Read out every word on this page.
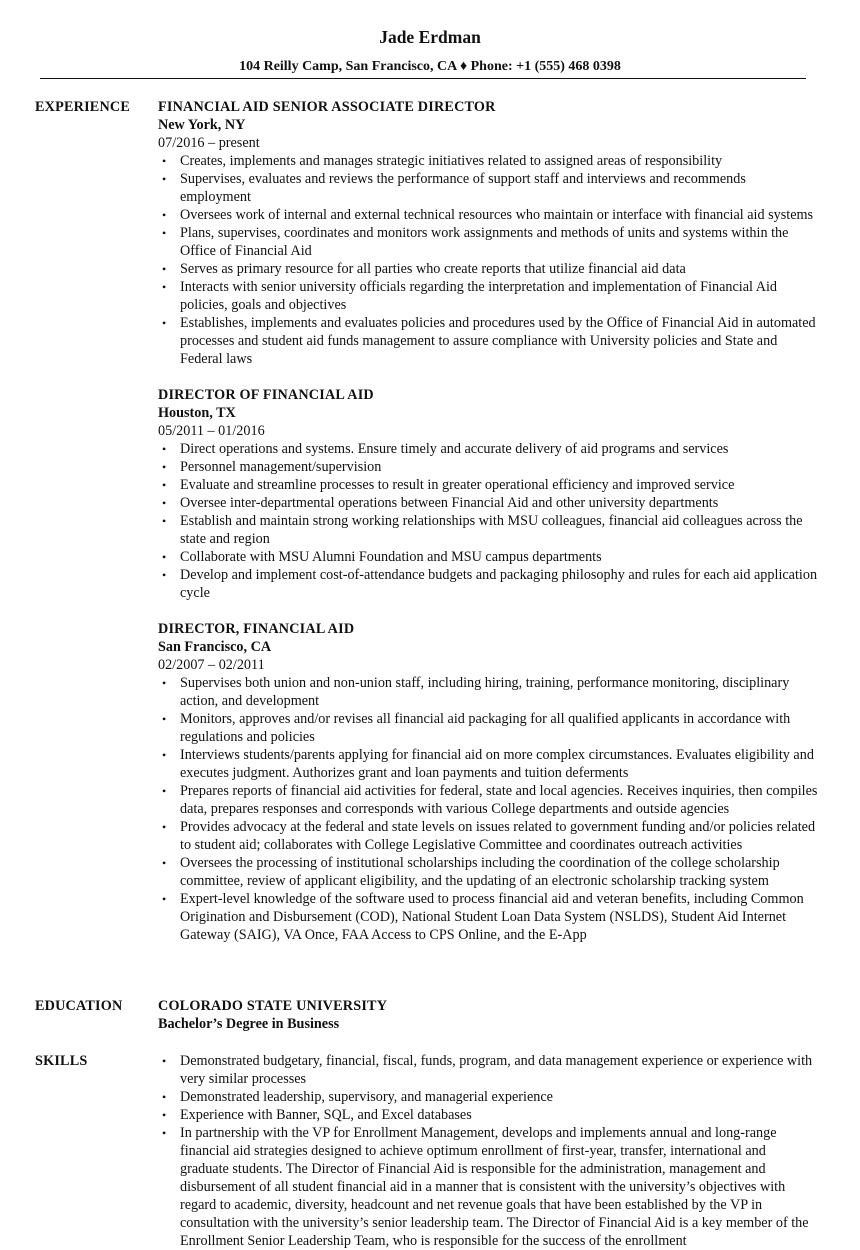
Jade Erdman
104 Reilly Camp, San Francisco, CA ♦ Phone: +1 (555) 468 0398
EXPERIENCE FINANCIAL AID SENIOR ASSOCIATE DIRECTOR
New York, NY
07/2016 – present
• Creates, implements and manages strategic initiatives related to assigned areas of responsibility
• Supervises, evaluates and reviews the performance of support staff and interviews and recommends employment
• Oversees work of internal and external technical resources who maintain or interface with financial aid systems
• Plans, supervises, coordinates and monitors work assignments and methods of units and systems within the Office of Financial Aid
• Serves as primary resource for all parties who create reports that utilize financial aid data
• Interacts with senior university officials regarding the interpretation and implementation of Financial Aid policies, goals and objectives
• Establishes, implements and evaluates policies and procedures used by the Office of Financial Aid in automated processes and student aid funds management to assure compliance with University policies and State and Federal laws
DIRECTOR OF FINANCIAL AID
Houston, TX
05/2011 – 01/2016
• Direct operations and systems. Ensure timely and accurate delivery of aid programs and services
• Personnel management/supervision
• Evaluate and streamline processes to result in greater operational efficiency and improved service
• Oversee inter-departmental operations between Financial Aid and other university departments
• Establish and maintain strong working relationships with MSU colleagues, financial aid colleagues across the state and region
• Collaborate with MSU Alumni Foundation and MSU campus departments
• Develop and implement cost-of-attendance budgets and packaging philosophy and rules for each aid application cycle
DIRECTOR, FINANCIAL AID
San Francisco, CA
02/2007 – 02/2011
• Supervises both union and non-union staff, including hiring, training, performance monitoring, disciplinary action, and development
• Monitors, approves and/or revises all financial aid packaging for all qualified applicants in accordance with regulations and policies
• Interviews students/parents applying for financial aid on more complex circumstances. Evaluates eligibility and executes judgment. Authorizes grant and loan payments and tuition deferments
• Prepares reports of financial aid activities for federal, state and local agencies. Receives inquiries, then compiles data, prepares responses and corresponds with various College departments and outside agencies
• Provides advocacy at the federal and state levels on issues related to government funding and/or policies related to student aid; collaborates with College Legislative Committee and coordinates outreach activities
• Oversees the processing of institutional scholarships including the coordination of the college scholarship committee, review of applicant eligibility, and the updating of an electronic scholarship tracking system
• Expert-level knowledge of the software used to process financial aid and veteran benefits, including Common Origination and Disbursement (COD), National Student Loan Data System (NSLDS), Student Aid Internet Gateway (SAIG), VA Once, FAA Access to CPS Online, and the E-App
EDUCATION	COLORADO STATE UNIVERSITY
Bachelor’s Degree in Business
SKILLS	• Demonstrated budgetary, financial, fiscal, funds, program, and data management experience or experience with very similar processes
• Demonstrated leadership, supervisory, and managerial experience
• Experience with Banner, SQL, and Excel databases
• In partnership with the VP for Enrollment Management, develops and implements annual and long-range financial aid strategies designed to achieve optimum enrollment of first-year, transfer, international and graduate students. The Director of Financial Aid is responsible for the administration, management and disbursement of all student financial aid in a manner that is consistent with the university’s objectives with regard to academic, diversity, headcount and net revenue goals that have been established by the VP in consultation with the university’s senior leadership team. The Director of Financial Aid is a key member of the Enrollment Senior Leadership Team, who is responsible for the success of the enrollment
